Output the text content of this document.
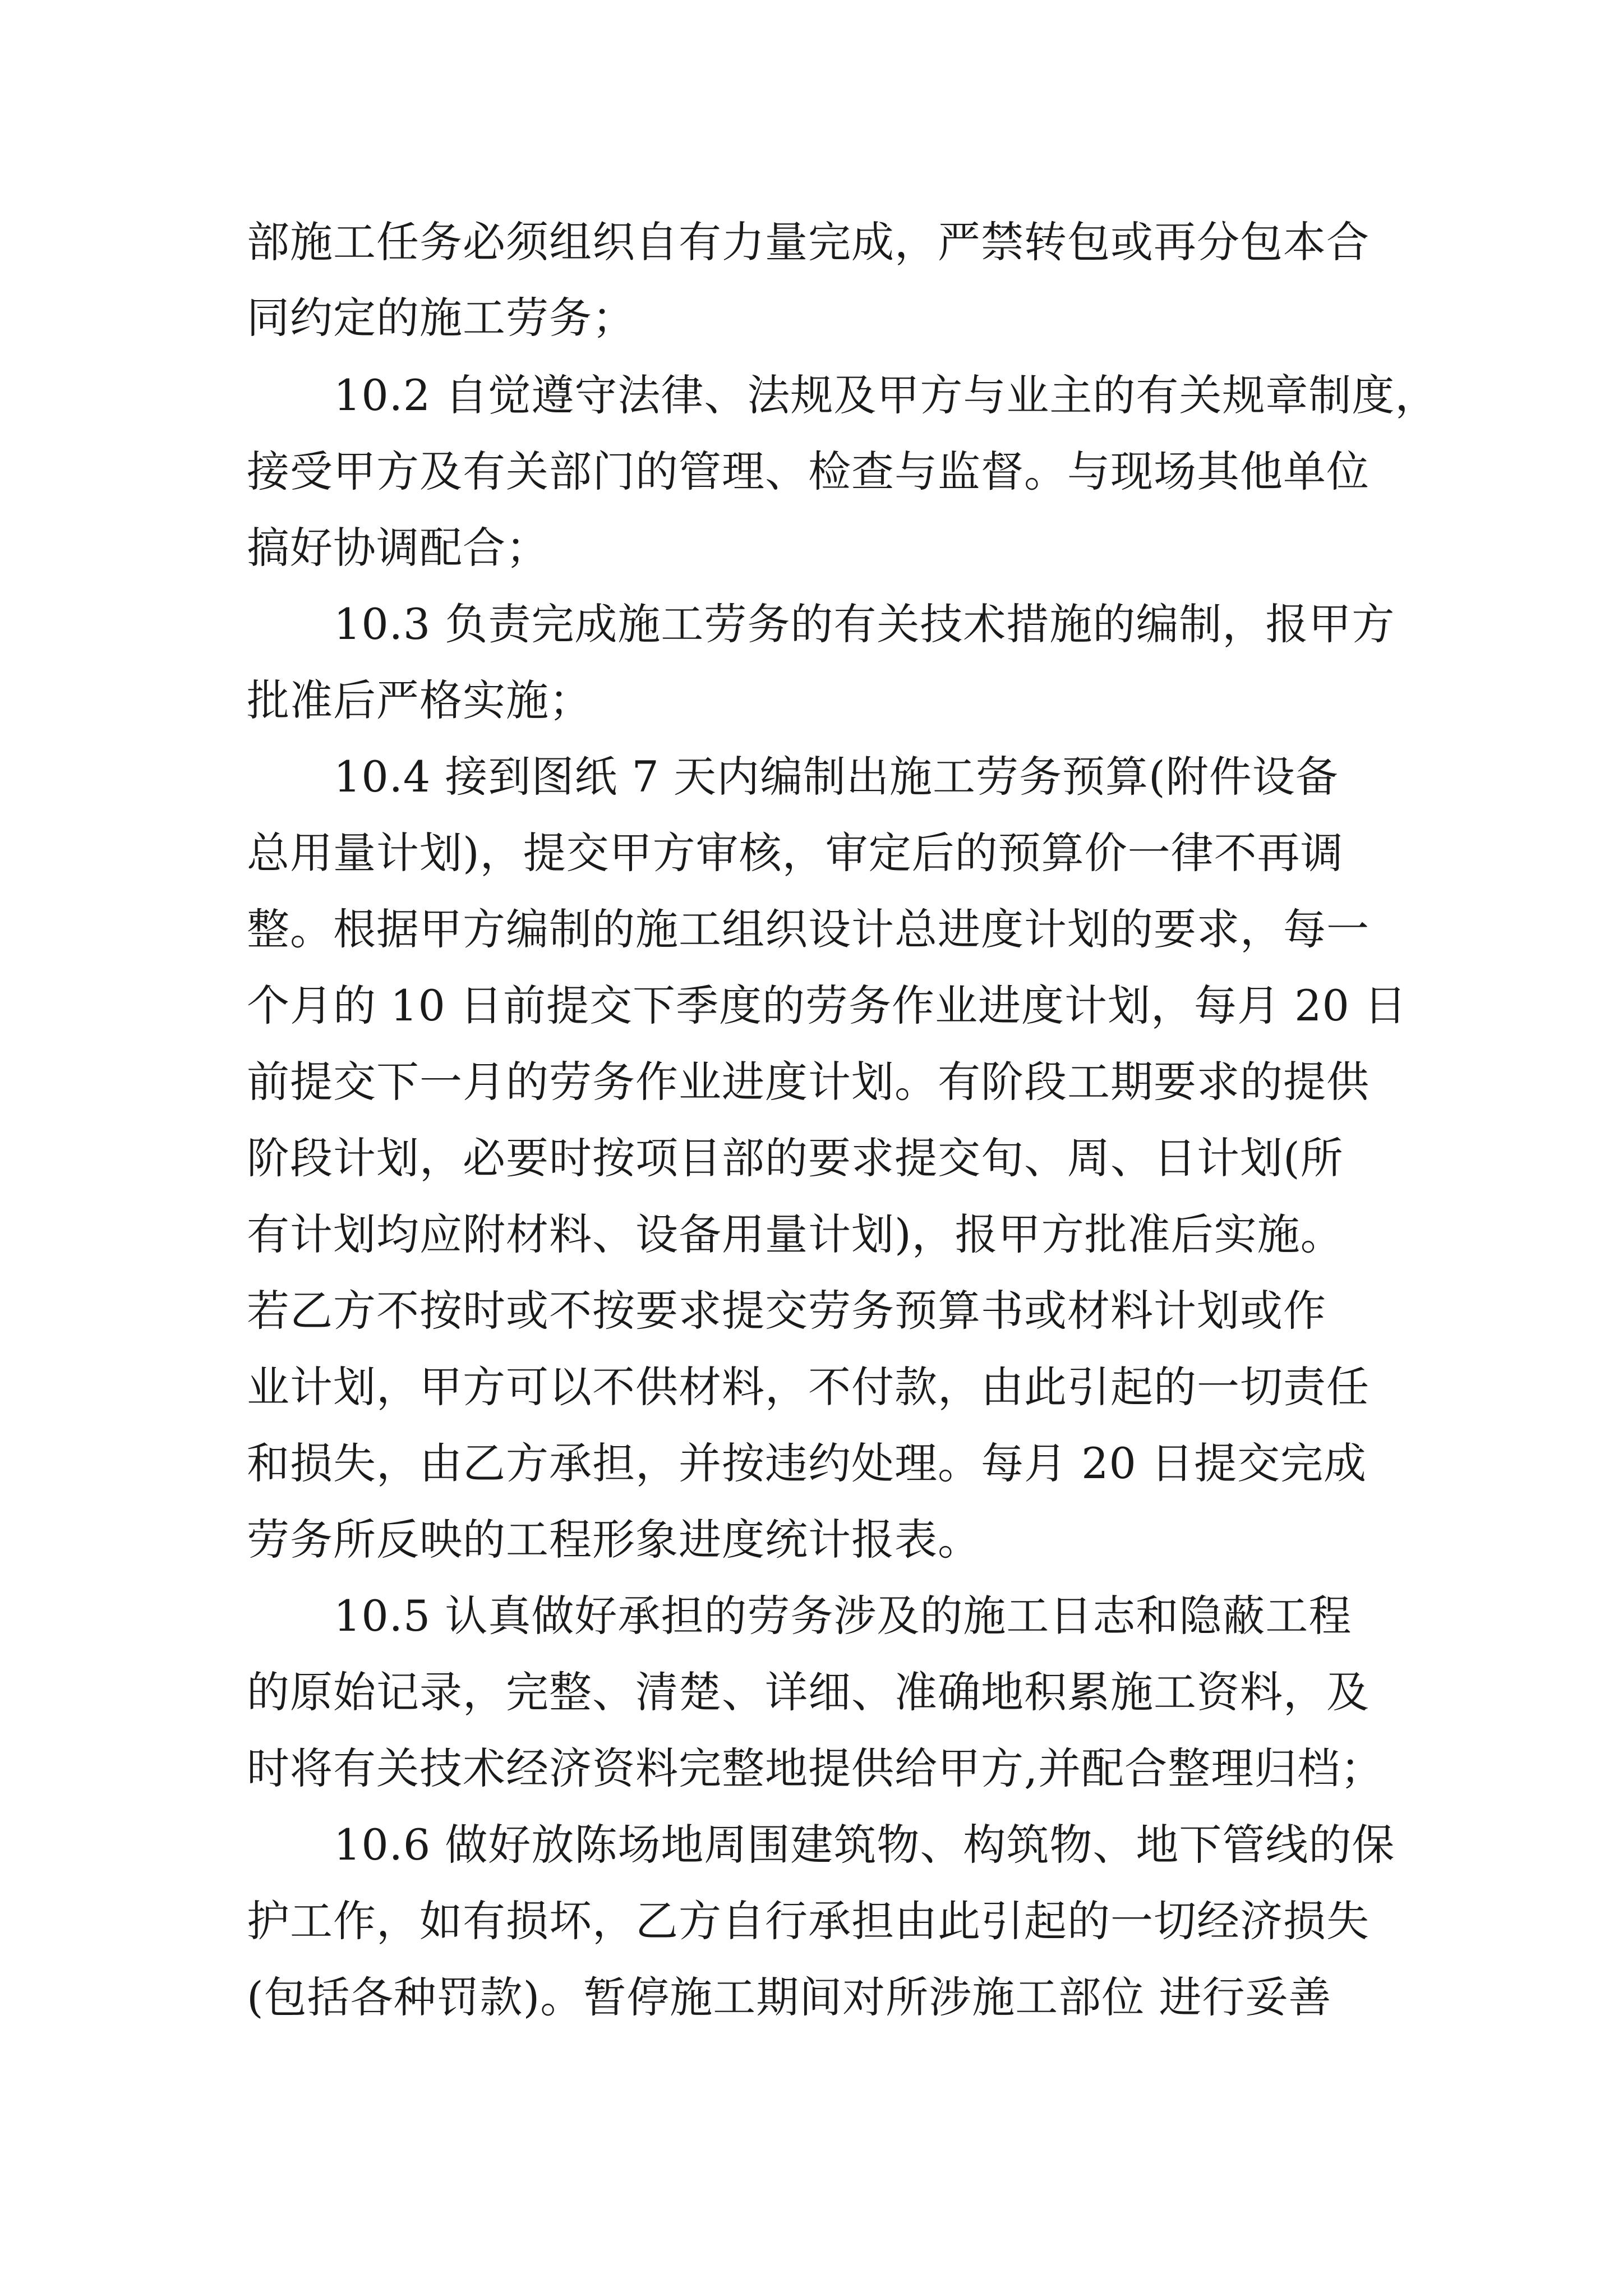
部施工任务必须组织自有力量完成，严禁转包或再分包本合

同约定的施工劳务；

10.2 自觉遵守法律、法规及甲方与业主的有关规章制度，

接受甲方及有关部门的管理、检查与监督。与现场其他单位

搞好协调配合；

10.3 负责完成施工劳务的有关技术措施的编制，报甲方

批准后严格实施；

10.4 接到图纸 7 天内编制出施工劳务预算(附件设备

总用量计划)，提交甲方审核，审定后的预算价一律不再调

整。根据甲方编制的施工组织设计总进度计划的要求，每一

个月的 10 日前提交下季度的劳务作业进度计划，每月 20 日

前提交下一月的劳务作业进度计划。有阶段工期要求的提供

阶段计划，必要时按项目部的要求提交旬、周、日计划(所

有计划均应附材料、设备用量计划)，报甲方批准后实施。

若乙方不按时或不按要求提交劳务预算书或材料计划或作

业计划，甲方可以不供材料，不付款，由此引起的一切责任

和损失，由乙方承担，并按违约处理。每月 20 日提交完成

劳务所反映的工程形象进度统计报表。

10.5 认真做好承担的劳务涉及的施工日志和隐蔽工程

的原始记录，完整、清楚、详细、准确地积累施工资料，及

时将有关技术经济资料完整地提供给甲方,并配合整理归档；

10.6 做好放陈场地周围建筑物、构筑物、地下管线的保

护工作，如有损坏，乙方自行承担由此引起的一切经济损失

(包括各种罚款)。暂停施工期间对所涉施工部位 进行妥善
